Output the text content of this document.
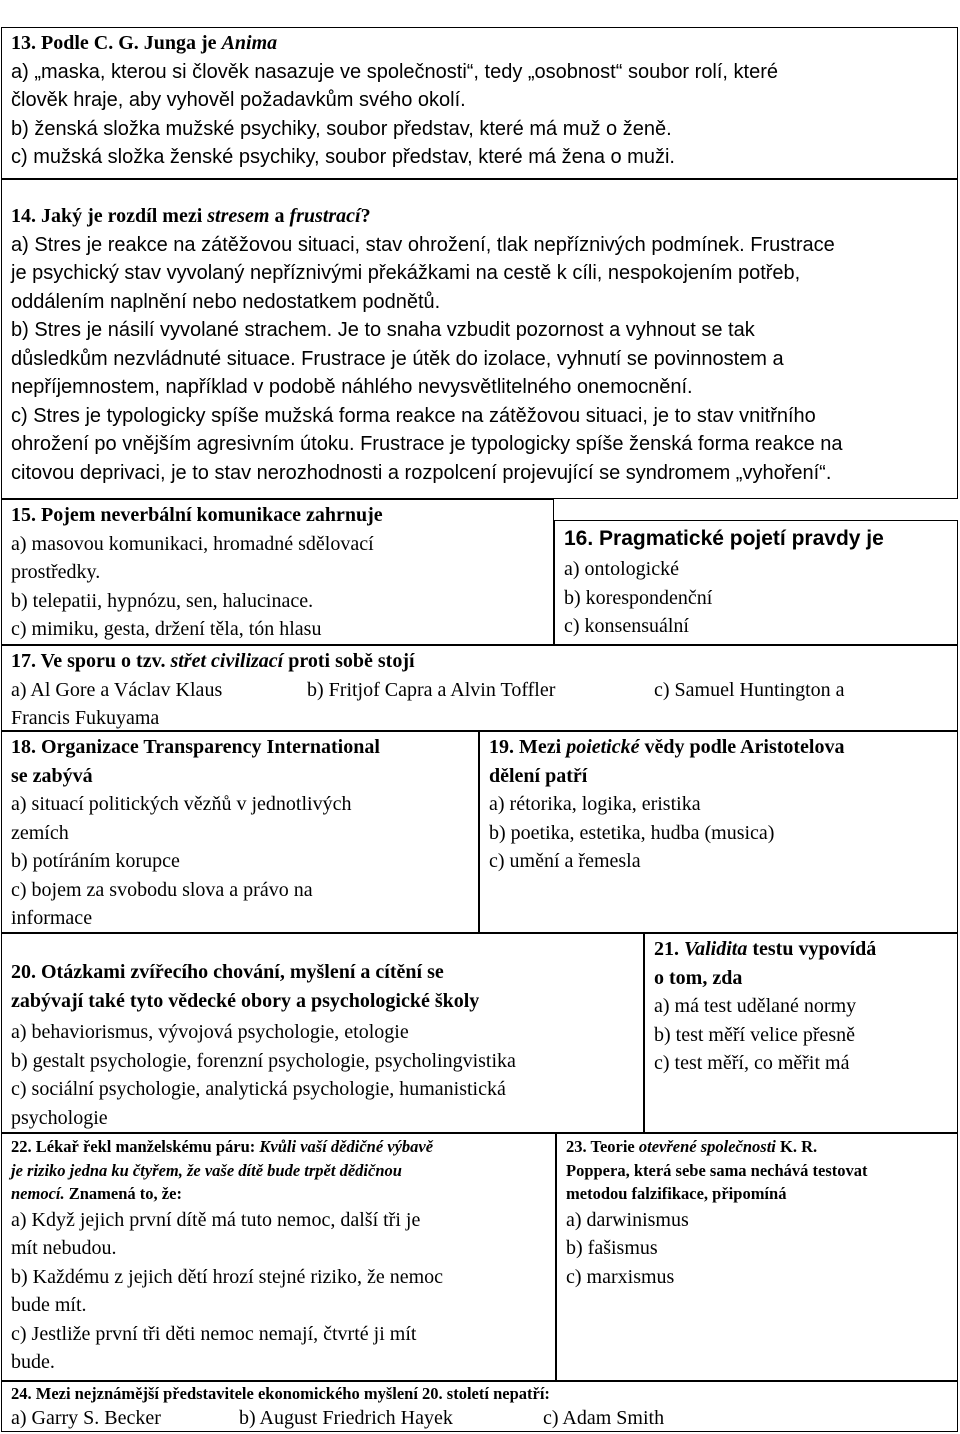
13. Podle C. G. Junga je Anima
a) „maska, kterou si člověk nasazuje ve společnosti“, tedy „osobnost“ soubor rolí, které
člověk hraje, aby vyhověl požadavkům svého okolí.
b) ženská složka mužské psychiky, soubor představ, které má muž o ženě.
c) mužská složka ženské psychiky, soubor představ, které má žena o muži.
14. Jaký je rozdíl mezi stresem a frustrací?
a) Stres je reakce na zátěžovou situaci, stav ohrožení, tlak nepříznivých podmínek. Frustrace
je psychický stav vyvolaný nepříznivými překážkami na cestě k cíli, nespokojením potřeb,
oddálením naplnění nebo nedostatkem podnětů.
b) Stres je násilí vyvolané strachem. Je to snaha vzbudit pozornost a vyhnout se tak
důsledkům nezvládnuté situace. Frustrace je útěk do izolace, vyhnutí se povinnostem a
nepříjemnostem, například v podobě náhlého nevysvětlitelného onemocnění.
c) Stres je typologicky spíše mužská forma reakce na zátěžovou situaci, je to stav vnitřního
ohrožení po vnějším agresivním útoku. Frustrace je typologicky spíše ženská forma reakce na
citovou deprivaci, je to stav nerozhodnosti a rozpolcení projevující se syndromem „vyhoření“.
15. Pojem neverbální komunikace zahrnuje
a) masovou komunikaci, hromadné sdělovací
prostředky.
b) telepatii, hypnózu, sen, halucinace.
c) mimiku, gesta, držení těla, tón hlasu
16. Pragmatické pojetí pravdy je
a) ontologické
b) korespondenční
c) konsensuální
17. Ve sporu o tzv. střet civilizací proti sobě stojí
a) Al Gore a Václav Klaus	b) Fritjof Capra a Alvin Toffler	c) Samuel Huntington a
Francis Fukuyama
18. Organizace Transparency International
se zabývá
a) situací politických vězňů v jednotlivých
zemích
b) potíráním korupce
c) bojem za svobodu slova a právo na
informace
19. Mezi poietické vědy podle Aristotelova
dělení patří
a) rétorika, logika, eristika
b) poetika, estetika, hudba (musica)
c) umění a řemesla
20. Otázkami zvířecího chování, myšlení a cítění se
zabývají také tyto vědecké obory a psychologické školy
a) behaviorismus, vývojová psychologie, etologie
b) gestalt psychologie, forenzní psychologie, psycholingvistika
c) sociální psychologie, analytická psychologie, humanistická
psychologie
21. Validita testu vypovídá
o tom, zda
a) má test udělané normy
b) test měří velice přesně
c) test měří, co měřit má
22. Lékař řekl manželskému páru: Kvůli vaší dědičné výbavě
je riziko jedna ku čtyřem, že vaše dítě bude trpět dědičnou
nemocí. Znamená to, že:
a) Když jejich první dítě má tuto nemoc, další tři je
mít nebudou.
b) Každému z jejich dětí hrozí stejné riziko, že nemoc
bude mít.
c) Jestliže první tři děti nemoc nemají, čtvrté ji mít
bude.
23. Teorie otevřené společnosti K. R.
Poppera, která sebe sama nechává testovat
metodou falzifikace, připomíná
a) darwinismus
b) fašismus
c) marxismus
24. Mezi nejznámější představitele ekonomického myšlení 20. století nepatří:
a) Garry S. Becker	b) August Friedrich Hayek	c) Adam Smith
